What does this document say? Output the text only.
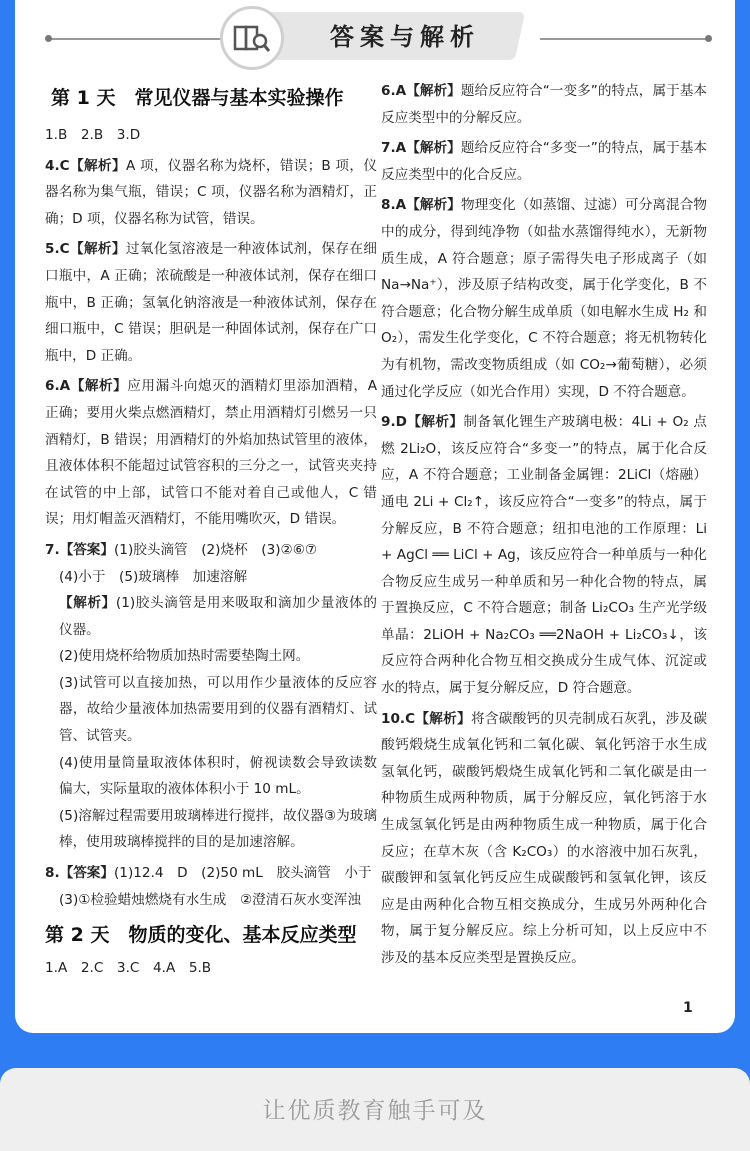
答案与解析

第 1 天　常见仪器与基本实验操作

1.B　2.B　3.D

4.C【解析】A 项，仪器名称为烧杯，错误；B 项，仪器名称为集气瓶，错误；C 项，仪器名称为酒精灯，正确；D 项，仪器名称为试管，错误。

5.C【解析】过氧化氢溶液是一种液体试剂，保存在细口瓶中，A 正确；浓硫酸是一种液体试剂，保存在细口瓶中，B 正确；氢氧化钠溶液是一种液体试剂，保存在细口瓶中，C 错误；胆矾是一种固体试剂，保存在广口瓶中，D 正确。

6.A【解析】应用漏斗向熄灭的酒精灯里添加酒精，A 正确；要用火柴点燃酒精灯，禁止用酒精灯引燃另一只酒精灯，B 错误；用酒精灯的外焰加热试管里的液体，且液体体积不能超过试管容积的三分之一，试管夹夹持在试管的中上部，试管口不能对着自己或他人，C 错误；用灯帽盖灭酒精灯，不能用嘴吹灭，D 错误。

7.【答案】(1)胶头滴管　(2)烧杯　(3)②⑥⑦

(4)小于　(5)玻璃棒　加速溶解

【解析】(1)胶头滴管是用来吸取和滴加少量液体的仪器。

(2)使用烧杯给物质加热时需要垫陶土网。

(3)试管可以直接加热，可以用作少量液体的反应容器，故给少量液体加热需要用到的仪器有酒精灯、试管、试管夹。

(4)使用量筒量取液体体积时，俯视读数会导致读数偏大，实际量取的液体体积小于 10 mL。

(5)溶解过程需要用玻璃棒进行搅拌，故仪器③为玻璃棒，使用玻璃棒搅拌的目的是加速溶解。

8.【答案】(1)12.4　D　(2)50 mL　胶头滴管　小于

(3)①检验蜡烛燃烧有水生成　②澄清石灰水变浑浊

第 2 天　物质的变化、基本反应类型

1.A　2.C　3.C　4.A　5.B

6.A【解析】题给反应符合“一变多”的特点，属于基本反应类型中的分解反应。

7.A【解析】题给反应符合“多变一”的特点，属于基本反应类型中的化合反应。

8.A【解析】物理变化（如蒸馏、过滤）可分离混合物中的成分，得到纯净物（如盐水蒸馏得纯水），无新物质生成，A 符合题意；原子需得失电子形成离子（如 Na→Na⁺），涉及原子结构改变，属于化学变化，B 不符合题意；化合物分解生成单质（如电解水生成 H₂ 和 O₂），需发生化学变化，C 不符合题意；将无机物转化为有机物，需改变物质组成（如 CO₂→葡萄糖），必须通过化学反应（如光合作用）实现，D 不符合题意。

9.D【解析】制备氧化锂生产玻璃电极：4Li + O₂ 点燃 2Li₂O，该反应符合“多变一”的特点，属于化合反应，A 不符合题意；工业制备金属锂：2LiCl（熔融）通电 2Li + Cl₂↑，该反应符合“一变多”的特点，属于分解反应，B 不符合题意；纽扣电池的工作原理：Li + AgCl ══ LiCl + Ag，该反应符合一种单质与一种化合物反应生成另一种单质和另一种化合物的特点，属于置换反应，C 不符合题意；制备 Li₂CO₃ 生产光学级单晶：2LiOH + Na₂CO₃ ══2NaOH + Li₂CO₃↓，该反应符合两种化合物互相交换成分生成气体、沉淀或水的特点，属于复分解反应，D 符合题意。

10.C【解析】将含碳酸钙的贝壳制成石灰乳，涉及碳酸钙煅烧生成氧化钙和二氧化碳、氧化钙溶于水生成氢氧化钙，碳酸钙煅烧生成氧化钙和二氧化碳是由一种物质生成两种物质，属于分解反应，氧化钙溶于水生成氢氧化钙是由两种物质生成一种物质，属于化合反应；在草木灰（含 K₂CO₃）的水溶液中加石灰乳，碳酸钾和氢氧化钙反应生成碳酸钙和氢氧化钾，该反应是由两种化合物互相交换成分，生成另外两种化合物，属于复分解反应。综上分析可知，以上反应中不涉及的基本反应类型是置换反应。

1
让优质教育触手可及
